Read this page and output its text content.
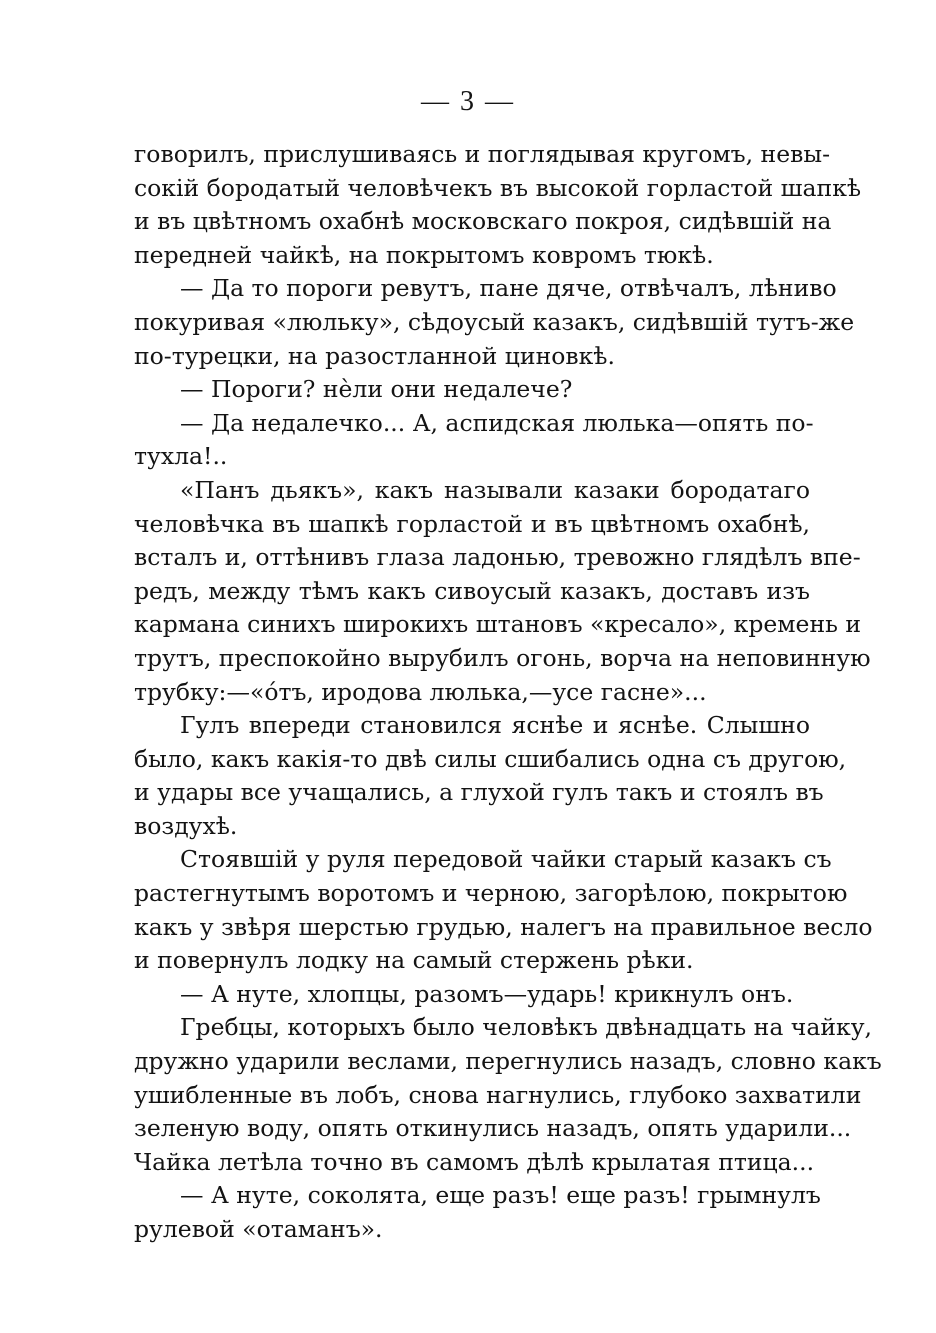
— 3 —
говорилъ, прислушиваясь и поглядывая кругомъ, невы-
сокій бородатый человѣчекъ въ высокой горластой шапкѣ
и въ цвѣтномъ охабнѣ московскаго покроя, сидѣвшій на
передней чайкѣ, на покрытомъ ковромъ тюкѣ.
— Да то пороги ревутъ, пане дяче, отвѣчалъ, лѣниво
покуривая «люльку», сѣдоусый казакъ, сидѣвшій тутъ-же
по-турецки, на разостланной циновкѣ.
— Пороги? нѐли они недалече?
— Да недалечко... А, аспидская люлька—опять по-
тухла!..
«Панъ дьякъ», какъ называли казаки бородатаго
человѣчка въ шапкѣ горластой и въ цвѣтномъ охабнѣ,
всталъ и, оттѣнивъ глаза ладонью, тревожно глядѣлъ впе-
редъ, между тѣмъ какъ сивоусый казакъ, доставъ изъ
кармана синихъ широкихъ штановъ «кресало», кремень и
трутъ, преспокойно вырубилъ огонь, ворча на неповинную
трубку:—«óтъ, иродова люлька,—усе гасне»...
Гулъ впереди становился яснѣе и яснѣе. Слышно
было, какъ какія-то двѣ силы сшибались одна съ другою,
и удары все учащались, а глухой гулъ такъ и стоялъ въ
воздухѣ.
Стоявшій у руля передовой чайки старый казакъ съ
растегнутымъ воротомъ и черною, загорѣлою, покрытою
какъ у звѣря шерстью грудью, налегъ на правильное весло
и повернулъ лодку на самый стержень рѣки.
— А нуте, хлопцы, разомъ—ударь! крикнулъ онъ.
Гребцы, которыхъ было человѣкъ двѣнадцать на чайку,
дружно ударили веслами, перегнулись назадъ, словно какъ
ушибленные въ лобъ, снова нагнулись, глубоко захватили
зеленую воду, опять откинулись назадъ, опять ударили...
Чайка летѣла точно въ самомъ дѣлѣ крылатая птица...
— А нуте, соколята, еще разъ! еще разъ! грымнулъ
рулевой «отаманъ».
